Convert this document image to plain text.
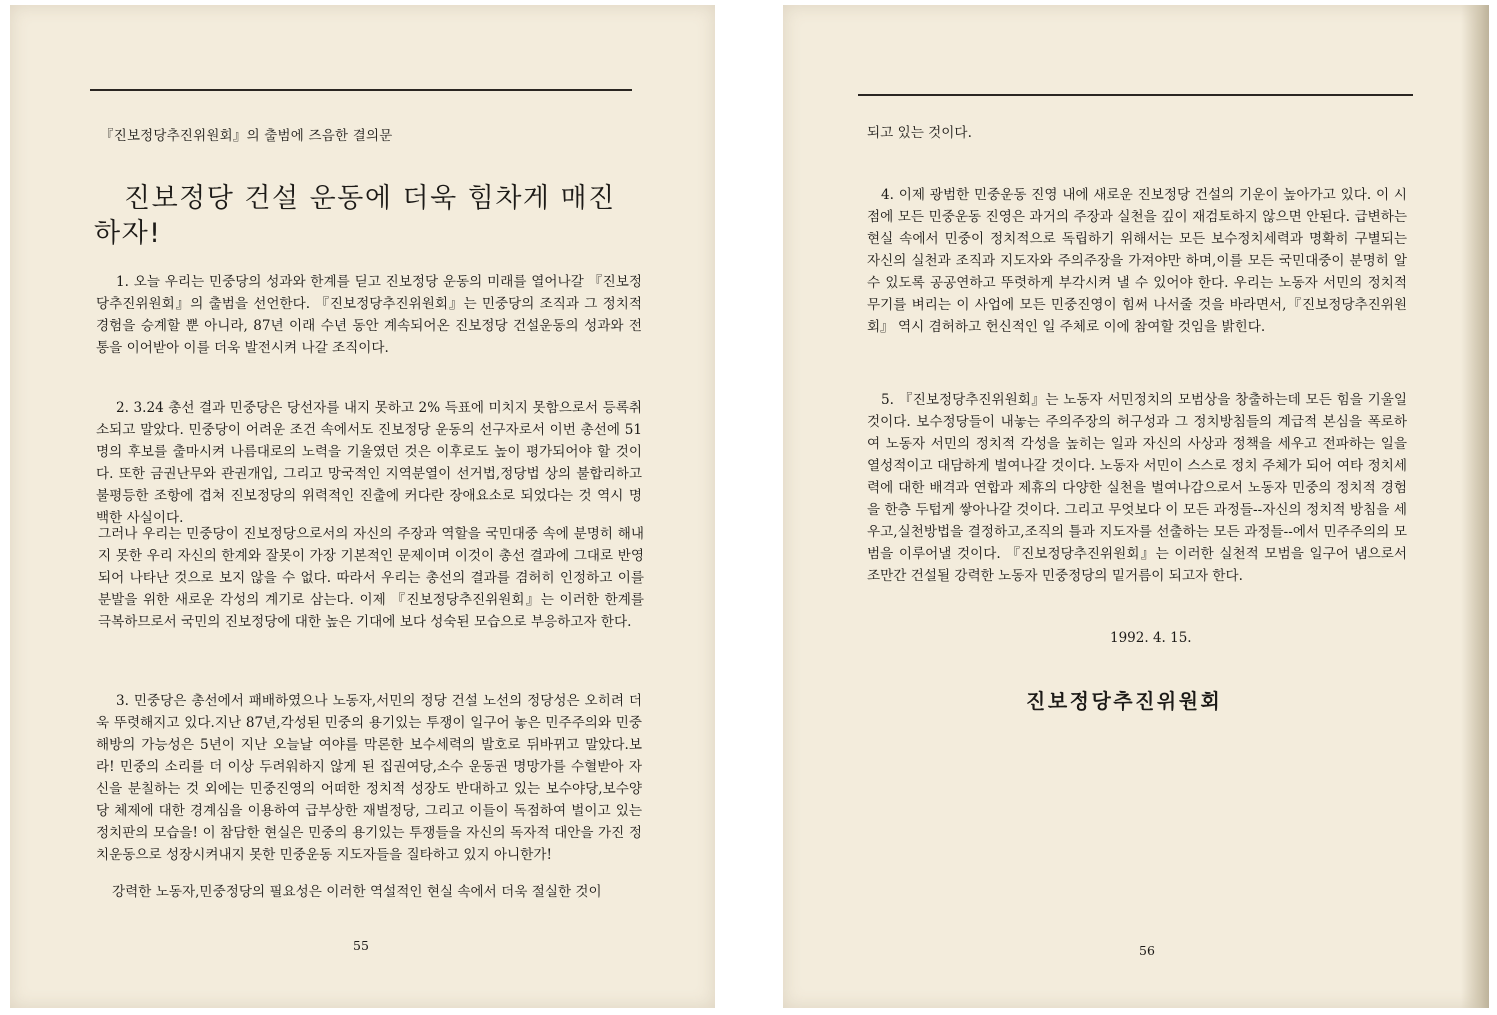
『진보정당추진위원회』의 출범에 즈음한 결의문
진보정당 건설 운동에 더욱 힘차게 매진하자!

1. 오늘 우리는 민중당의 성과와 한계를 딛고 진보정당 운동의 미래를 열어나갈 『진보정당추진위원회』의 출범을 선언한다. 『진보정당추진위원회』는 민중당의 조직과 그 정치적 경험을 승계할 뿐 아니라, 87년 이래 수년 동안 계속되어온 진보정당 건설운동의 성과와 전통을 이어받아 이를 더욱 발전시켜 나갈 조직이다.

2. 3.24 총선 결과 민중당은 당선자를 내지 못하고 2% 득표에 미치지 못함으로서 등록취소되고 말았다. 민중당이 어려운 조건 속에서도 진보정당 운동의 선구자로서 이번 총선에 51명의 후보를 출마시켜 나름대로의 노력을 기울였던 것은 이후로도 높이 평가되어야 할 것이다. 또한 금권난무와 관권개입, 그리고 망국적인 지역분열이 선거법,정당법 상의 불합리하고 불평등한 조항에 겹쳐 진보정당의 위력적인 진출에 커다란 장애요소로 되었다는 것 역시 명백한 사실이다.

그러나 우리는 민중당이 진보정당으로서의 자신의 주장과 역할을 국민대중 속에 분명히 해내지 못한 우리 자신의 한계와 잘못이 가장 기본적인 문제이며 이것이 총선 결과에 그대로 반영되어 나타난 것으로 보지 않을 수 없다. 따라서 우리는 총선의 결과를 겸허히 인정하고 이를 분발을 위한 새로운 각성의 계기로 삼는다. 이제 『진보정당추진위원회』는 이러한 한계를 극복하므로서 국민의 진보정당에 대한 높은 기대에 보다 성숙된 모습으로 부응하고자 한다.

3. 민중당은 총선에서 패배하였으나 노동자,서민의 정당 건설 노선의 정당성은 오히려 더욱 뚜렷해지고 있다.지난 87년,각성된 민중의 용기있는 투쟁이 일구어 놓은 민주주의와 민중해방의 가능성은 5년이 지난 오늘날 여야를 막론한 보수세력의 발호로 뒤바뀌고 말았다.보라! 민중의 소리를 더 이상 두려워하지 않게 된 집권여당,소수 운동권 명망가를 수혈받아 자신을 분칠하는 것 외에는 민중진영의 어떠한 정치적 성장도 반대하고 있는 보수야당,보수양당 체제에 대한 경계심을 이용하여 급부상한 재벌정당, 그리고 이들이 독점하여 벌이고 있는 정치판의 모습을! 이 참담한 현실은 민중의 용기있는 투쟁들을 자신의 독자적 대안을 가진 정치운동으로 성장시켜내지 못한 민중운동 지도자들을 질타하고 있지 아니한가!

강력한 노동자,민중정당의 필요성은 이러한 역설적인 현실 속에서 더욱 절실한 것이

55

되고 있는 것이다.

4. 이제 광범한 민중운동 진영 내에 새로운 진보정당 건설의 기운이 높아가고 있다. 이 시점에 모든 민중운동 진영은 과거의 주장과 실천을 깊이 재검토하지 않으면 안된다. 급변하는 현실 속에서 민중이 정치적으로 독립하기 위해서는 모든 보수정치세력과 명확히 구별되는 자신의 실천과 조직과 지도자와 주의주장을 가져야만 하며,이를 모든 국민대중이 분명히 알 수 있도록 공공연하고 뚜렷하게 부각시켜 낼 수 있어야 한다. 우리는 노동자 서민의 정치적 무기를 벼리는 이 사업에 모든 민중진영이 힘써 나서줄 것을 바라면서,『진보정당추진위원회』 역시 겸허하고 헌신적인 일 주체로 이에 참여할 것임을 밝힌다.

5. 『진보정당추진위원회』는 노동자 서민정치의 모범상을 창출하는데 모든 힘을 기울일 것이다. 보수정당들이 내놓는 주의주장의 허구성과 그 정치방침들의 계급적 본심을 폭로하여 노동자 서민의 정치적 각성을 높히는 일과 자신의 사상과 정책을 세우고 전파하는 일을 열성적이고 대담하게 벌여나갈 것이다. 노동자 서민이 스스로 정치 주체가 되어 여타 정치세력에 대한 배격과 연합과 제휴의 다양한 실천을 벌여나감으로서 노동자 민중의 정치적 경험을 한층 두텁게 쌓아나갈 것이다. 그리고 무엇보다 이 모든 과정들--자신의 정치적 방침을 세우고,실천방법을 결정하고,조직의 틀과 지도자를 선출하는 모든 과정들--에서 민주주의의 모범을 이루어낼 것이다. 『진보정당추진위원회』는 이러한 실천적 모범을 일구어 냄으로서 조만간 건설될 강력한 노동자 민중정당의 밑거름이 되고자 한다.

1992. 4. 15.
진보정당추진위원회
56
